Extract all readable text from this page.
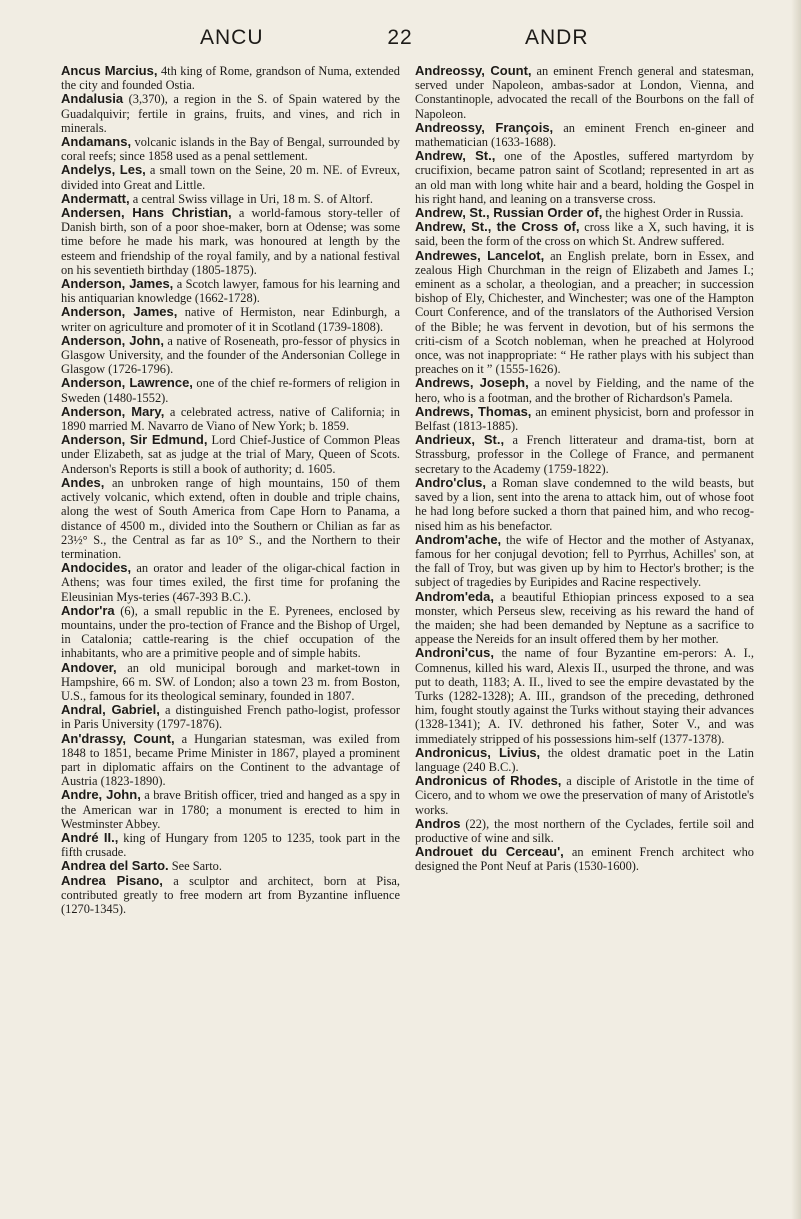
ANCU	22	ANDR

Ancus Marcius, 4th king of Rome, grandson of Numa, extended the city and founded Ostia.

Andalusia (3,370), a region in the S. of Spain watered by the Guadalquivir; fertile in grains, fruits, and vines, and rich in minerals.

Andamans, volcanic islands in the Bay of Bengal, surrounded by coral reefs; since 1858 used as a penal settlement.

Andelys, Les, a small town on the Seine, 20 m. NE. of Evreux, divided into Great and Little.

Andermatt, a central Swiss village in Uri, 18 m. S. of Altorf.

Andersen, Hans Christian, a world-famous story-teller of Danish birth, son of a poor shoe-maker, born at Odense; was some time before he made his mark, was honoured at length by the esteem and friendship of the royal family, and by a national festival on his seventieth birthday (1805-1875).

Anderson, James, a Scotch lawyer, famous for his learning and his antiquarian knowledge (1662-1728).

Anderson, James, native of Hermiston, near Edinburgh, a writer on agriculture and promoter of it in Scotland (1739-1808).

Anderson, John, a native of Roseneath, pro-fessor of physics in Glasgow University, and the founder of the Andersonian College in Glasgow (1726-1796).

Anderson, Lawrence, one of the chief re-formers of religion in Sweden (1480-1552).

Anderson, Mary, a celebrated actress, native of California; in 1890 married M. Navarro de Viano of New York; b. 1859.

Anderson, Sir Edmund, Lord Chief-Justice of Common Pleas under Elizabeth, sat as judge at the trial of Mary, Queen of Scots. Anderson's Reports is still a book of authority; d. 1605.

Andes, an unbroken range of high mountains, 150 of them actively volcanic, which extend, often in double and triple chains, along the west of South America from Cape Horn to Panama, a distance of 4500 m., divided into the Southern or Chilian as far as 23½° S., the Central as far as 10° S., and the Northern to their termination.

Andocides, an orator and leader of the oligar-chical faction in Athens; was four times exiled, the first time for profaning the Eleusinian Mys-teries (467-393 B.C.).

Andor'ra (6), a small republic in the E. Pyrenees, enclosed by mountains, under the pro-tection of France and the Bishop of Urgel, in Catalonia; cattle-rearing is the chief occupation of the inhabitants, who are a primitive people and of simple habits.

Andover, an old municipal borough and market-town in Hampshire, 66 m. SW. of London; also a town 23 m. from Boston, U.S., famous for its theological seminary, founded in 1807.

Andral, Gabriel, a distinguished French patho-logist, professor in Paris University (1797-1876).

An'drassy, Count, a Hungarian statesman, was exiled from 1848 to 1851, became Prime Minister in 1867, played a prominent part in diplomatic affairs on the Continent to the advantage of Austria (1823-1890).

Andre, John, a brave British officer, tried and hanged as a spy in the American war in 1780; a monument is erected to him in Westminster Abbey.

André II., king of Hungary from 1205 to 1235, took part in the fifth crusade.

Andrea del Sarto. See Sarto.

Andrea Pisano, a sculptor and architect, born at Pisa, contributed greatly to free modern art from Byzantine influence (1270-1345).

Andreossy, Count, an eminent French general and statesman, served under Napoleon, ambas-sador at London, Vienna, and Constantinople, advocated the recall of the Bourbons on the fall of Napoleon.

Andreossy, François, an eminent French en-gineer and mathematician (1633-1688).

Andrew, St., one of the Apostles, suffered martyrdom by crucifixion, became patron saint of Scotland; represented in art as an old man with long white hair and a beard, holding the Gospel in his right hand, and leaning on a transverse cross.

Andrew, St., Russian Order of, the highest Order in Russia.

Andrew, St., the Cross of, cross like a X, such having, it is said, been the form of the cross on which St. Andrew suffered.

Andrewes, Lancelot, an English prelate, born in Essex, and zealous High Churchman in the reign of Elizabeth and James I.; eminent as a scholar, a theologian, and a preacher; in succession bishop of Ely, Chichester, and Winchester; was one of the Hampton Court Conference, and of the translators of the Authorised Version of the Bible; he was fervent in devotion, but of his sermons the criti-cism of a Scotch nobleman, when he preached at Holyrood once, was not inappropriate: “ He rather plays with his subject than preaches on it ” (1555-1626).

Andrews, Joseph, a novel by Fielding, and the name of the hero, who is a footman, and the brother of Richardson's Pamela.

Andrews, Thomas, an eminent physicist, born and professor in Belfast (1813-1885).

Andrieux, St., a French litterateur and drama-tist, born at Strassburg, professor in the College of France, and permanent secretary to the Academy (1759-1822).

Andro'clus, a Roman slave condemned to the wild beasts, but saved by a lion, sent into the arena to attack him, out of whose foot he had long before sucked a thorn that pained him, and who recog-nised him as his benefactor.

Androm'ache, the wife of Hector and the mother of Astyanax, famous for her conjugal devotion; fell to Pyrrhus, Achilles' son, at the fall of Troy, but was given up by him to Hector's brother; is the subject of tragedies by Euripides and Racine respectively.

Androm'eda, a beautiful Ethiopian princess exposed to a sea monster, which Perseus slew, receiving as his reward the hand of the maiden; she had been demanded by Neptune as a sacrifice to appease the Nereids for an insult offered them by her mother.

Androni'cus, the name of four Byzantine em-perors: A. I., Comnenus, killed his ward, Alexis II., usurped the throne, and was put to death, 1183; A. II., lived to see the empire devastated by the Turks (1282-1328); A. III., grandson of the preceding, dethroned him, fought stoutly against the Turks without staying their advances (1328-1341); A. IV. dethroned his father, Soter V., and was immediately stripped of his possessions him-self (1377-1378).

Andronicus, Livius, the oldest dramatic poet in the Latin language (240 B.C.).

Andronicus of Rhodes, a disciple of Aristotle in the time of Cicero, and to whom we owe the preservation of many of Aristotle's works.

Andros (22), the most northern of the Cyclades, fertile soil and productive of wine and silk.

Androuet du Cerceau', an eminent French architect who designed the Pont Neuf at Paris (1530-1600).
